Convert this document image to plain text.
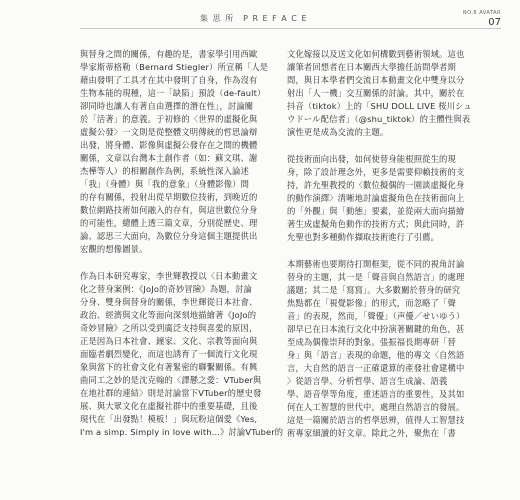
集 思 所　P R E F A C E
NO.8 AVATAR
07
與替身之間的關係，有趣的是，書家學引用西歐
學家斯蒂格勒（Bernard Stiegler）所宣稱「人是
藉由發明了工具才在其中發明了自身，作為沒有
生物本能的現種，這一「缺陷」預設（de-fault）
卻同時也讓人有著自由選擇的潛在性」，討論關
於「活著」的意義。于初修的〈世界的虛擬化與
虛擬公發〉一文則是從整體文明傳統的哲思論辯
出發，將身體、影像與虛擬公發存在之間的機體
關係，文章以台灣本土創作者（如：蘇文琪、謝
杰樺等人）的相關創作為例，系統性深入論述
「我」（身體）與「我的意象」（身體影像）間
的存有關係，投射出從早期數位技術，到晚近的
數位網路技術如何融入的存有，與這世數位分身
的可能性，總體上透三篇文章，分別從歷史、理
論、認思三大面向，為數位分身這個主題提供出
宏觀的想像圖景。
作為日本研究專家，李世輝教授以〈日本動畫文
化之替身案例：《JoJo的奇妙冒險》為題，討論
分身、雙身與替身的關係，李世輝從日本社會、
政治、經濟與文化等面向深刻地描繪著《JoJo的
奇妙冒險》之所以受到廣泛支持與喜愛的原因，
正是因為日本社會、鐘家、文化、宗教等面向與
面臨者劇烈變化，而這也誘育了一個流行文化現
象與當下的社會文化有著緊密的聯繫關係。有興
曲同工之妙的是沈克翰的〈譯懸之愛：VTuber與
在地社群的連結〉則是討論當下VTuber的歷史發
展、與大眾文化在虛擬社群中的重要基礎，且後
現代在「出發點！模板！」與玩粉這個愛《Yes,
I'm a simp. Simply in love with...》討論VTuber的
文化嫁接以及送文化如何構數到藝術領域。這也
讓筆者回想者在日本關西大學擔任訪問學者期
間，與日本學者們交流日本動畫文化中雙身以分
射出「人一機」交互關係的討論。其中，關於在
抖音（tiktok）上的「SHU DOLL LIVE 桜川シュ
ウドール配信者」（@shu_tiktok）的主體性與表
演性更是成為交流的主題。
從技術面向出發，如何使替身能根照從生的現
身，除了設計理念外，更多是需要仰賴技術的支
持，許允聖教授的〈數位擬偶的一園談虛擬化身
的動作演繹〉清晰地討論虛擬角色在技術面向上
的「外觀」與「動態」要素，並從兩大面向描繪
著生成虛擬角色動作的技術方式；與此同時，許
允聖也對多種動作擷取技術進行了引薦。
本期藝術也要期待打開框架，從不同的視角討論
替身的主題，其一是「聲音與自然語言」的處理
議題；其二是「寫寫」。大多數關於替身的研究
焦點都在「視覺影像」的形式，而忽略了「聲
音」的表現，然而，「聲優」（声優／せいゆう）
卻早已在日本流行文化中扮演著關鍵的角色，甚
至成為偶像崇拜的對象。張振福長期專研「替
身」與「語言」表現的命題，他的專文〈自然語
言，大自然的語言一正確還算的產發社會建構中
〉從語言學、分析哲學、語言生成論、語義
學、語音學等角度，重述語言的重要性，及其如
何在人工智慧的世代中，處理自然語言的發展。
這是一篇關於語言的哲學思辨，值得人工智慧技
術專家細讀的好文章。除此之外，聚焦在「書
